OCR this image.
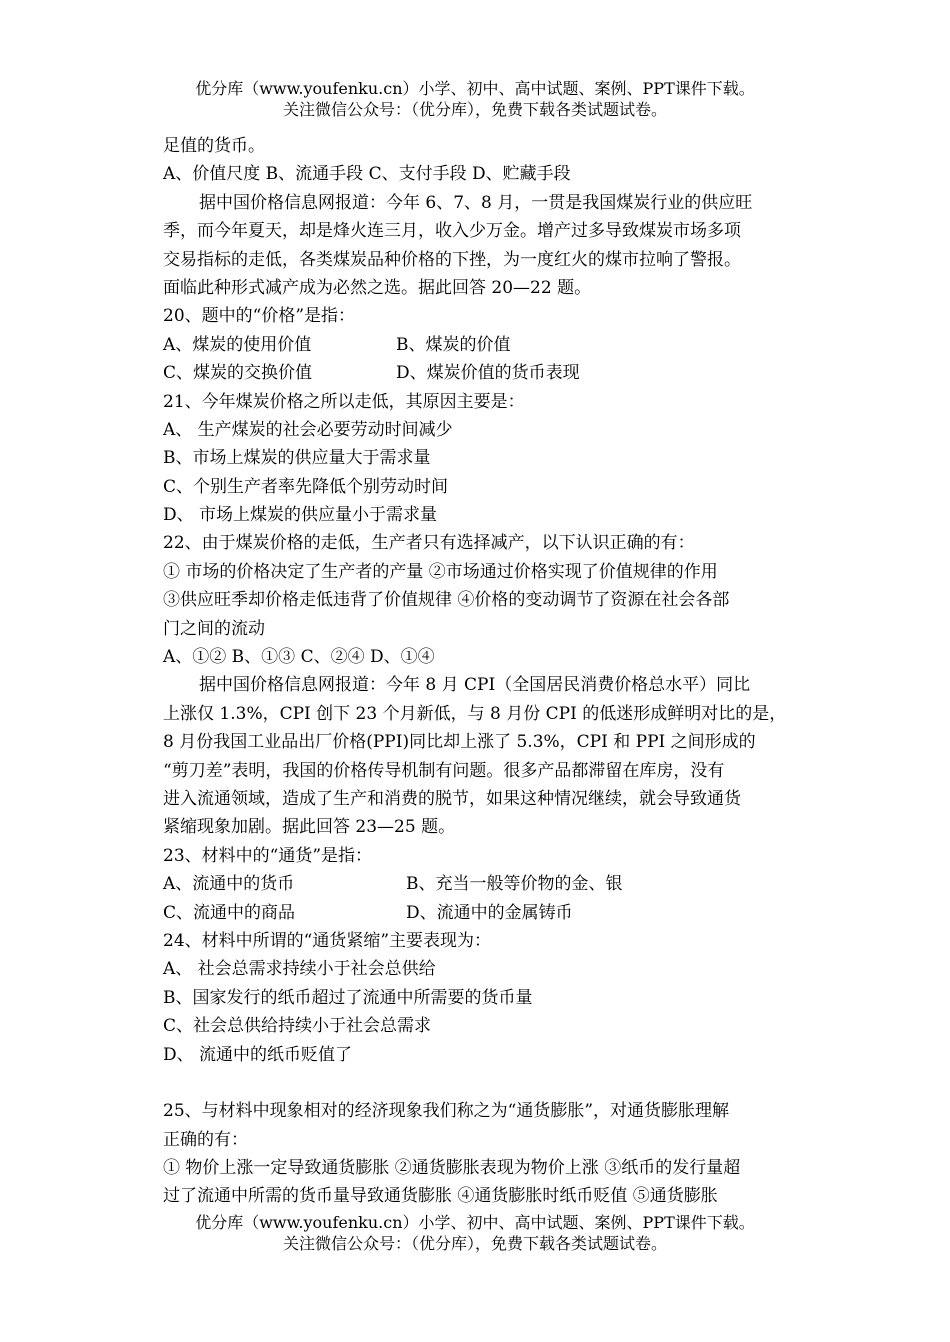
优分库（www.youfenku.cn）小学、初中、高中试题、案例、PPT课件下载。
关注微信公众号：（优分库），免费下载各类试题试卷。
足值的货币。
A、价值尺度 B、流通手段 C、支付手段 D、贮藏手段
据中国价格信息网报道：今年 6、7、8 月，一贯是我国煤炭行业的供应旺
季，而今年夏天，却是烽火连三月，收入少万金。增产过多导致煤炭市场多项
交易指标的走低，各类煤炭品种价格的下挫，为一度红火的煤市拉响了警报。
面临此种形式减产成为必然之选。据此回答 20—22 题。
20、题中的“价格”是指：
A、煤炭的使用价值	B、煤炭的价值
C、煤炭的交换价值	D、煤炭价值的货币表现
21、今年煤炭价格之所以走低，其原因主要是：
A、 生产煤炭的社会必要劳动时间减少
B、市场上煤炭的供应量大于需求量
C、个别生产者率先降低个别劳动时间
D、 市场上煤炭的供应量小于需求量
22、由于煤炭价格的走低，生产者只有选择减产，以下认识正确的有：
① 市场的价格决定了生产者的产量 ②市场通过价格实现了价值规律的作用
③供应旺季却价格走低违背了价值规律 ④价格的变动调节了资源在社会各部
门之间的流动
A、①② B、①③ C、②④ D、①④
据中国价格信息网报道：今年 8 月 CPI（全国居民消费价格总水平）同比
上涨仅 1.3%，CPI 创下 23 个月新低，与 8 月份 CPI 的低迷形成鲜明对比的是，
8 月份我国工业品出厂价格(PPI)同比却上涨了 5.3%，CPI 和 PPI 之间形成的
“剪刀差”表明，我国的价格传导机制有问题。很多产品都滞留在库房，没有
进入流通领域，造成了生产和消费的脱节，如果这种情况继续，就会导致通货
紧缩现象加剧。据此回答 23—25 题。
23、材料中的“通货”是指：
A、流通中的货币	B、充当一般等价物的金、银
C、流通中的商品	D、流通中的金属铸币
24、材料中所谓的“通货紧缩”主要表现为：
A、 社会总需求持续小于社会总供给
B、国家发行的纸币超过了流通中所需要的货币量
C、社会总供给持续小于社会总需求
D、 流通中的纸币贬值了
25、与材料中现象相对的经济现象我们称之为“通货膨胀”，对通货膨胀理解
正确的有：
① 物价上涨一定导致通货膨胀 ②通货膨胀表现为物价上涨 ③纸币的发行量超
过了流通中所需的货币量导致通货膨胀 ④通货膨胀时纸币贬值 ⑤通货膨胀
优分库（www.youfenku.cn）小学、初中、高中试题、案例、PPT课件下载。
关注微信公众号：（优分库），免费下载各类试题试卷。
